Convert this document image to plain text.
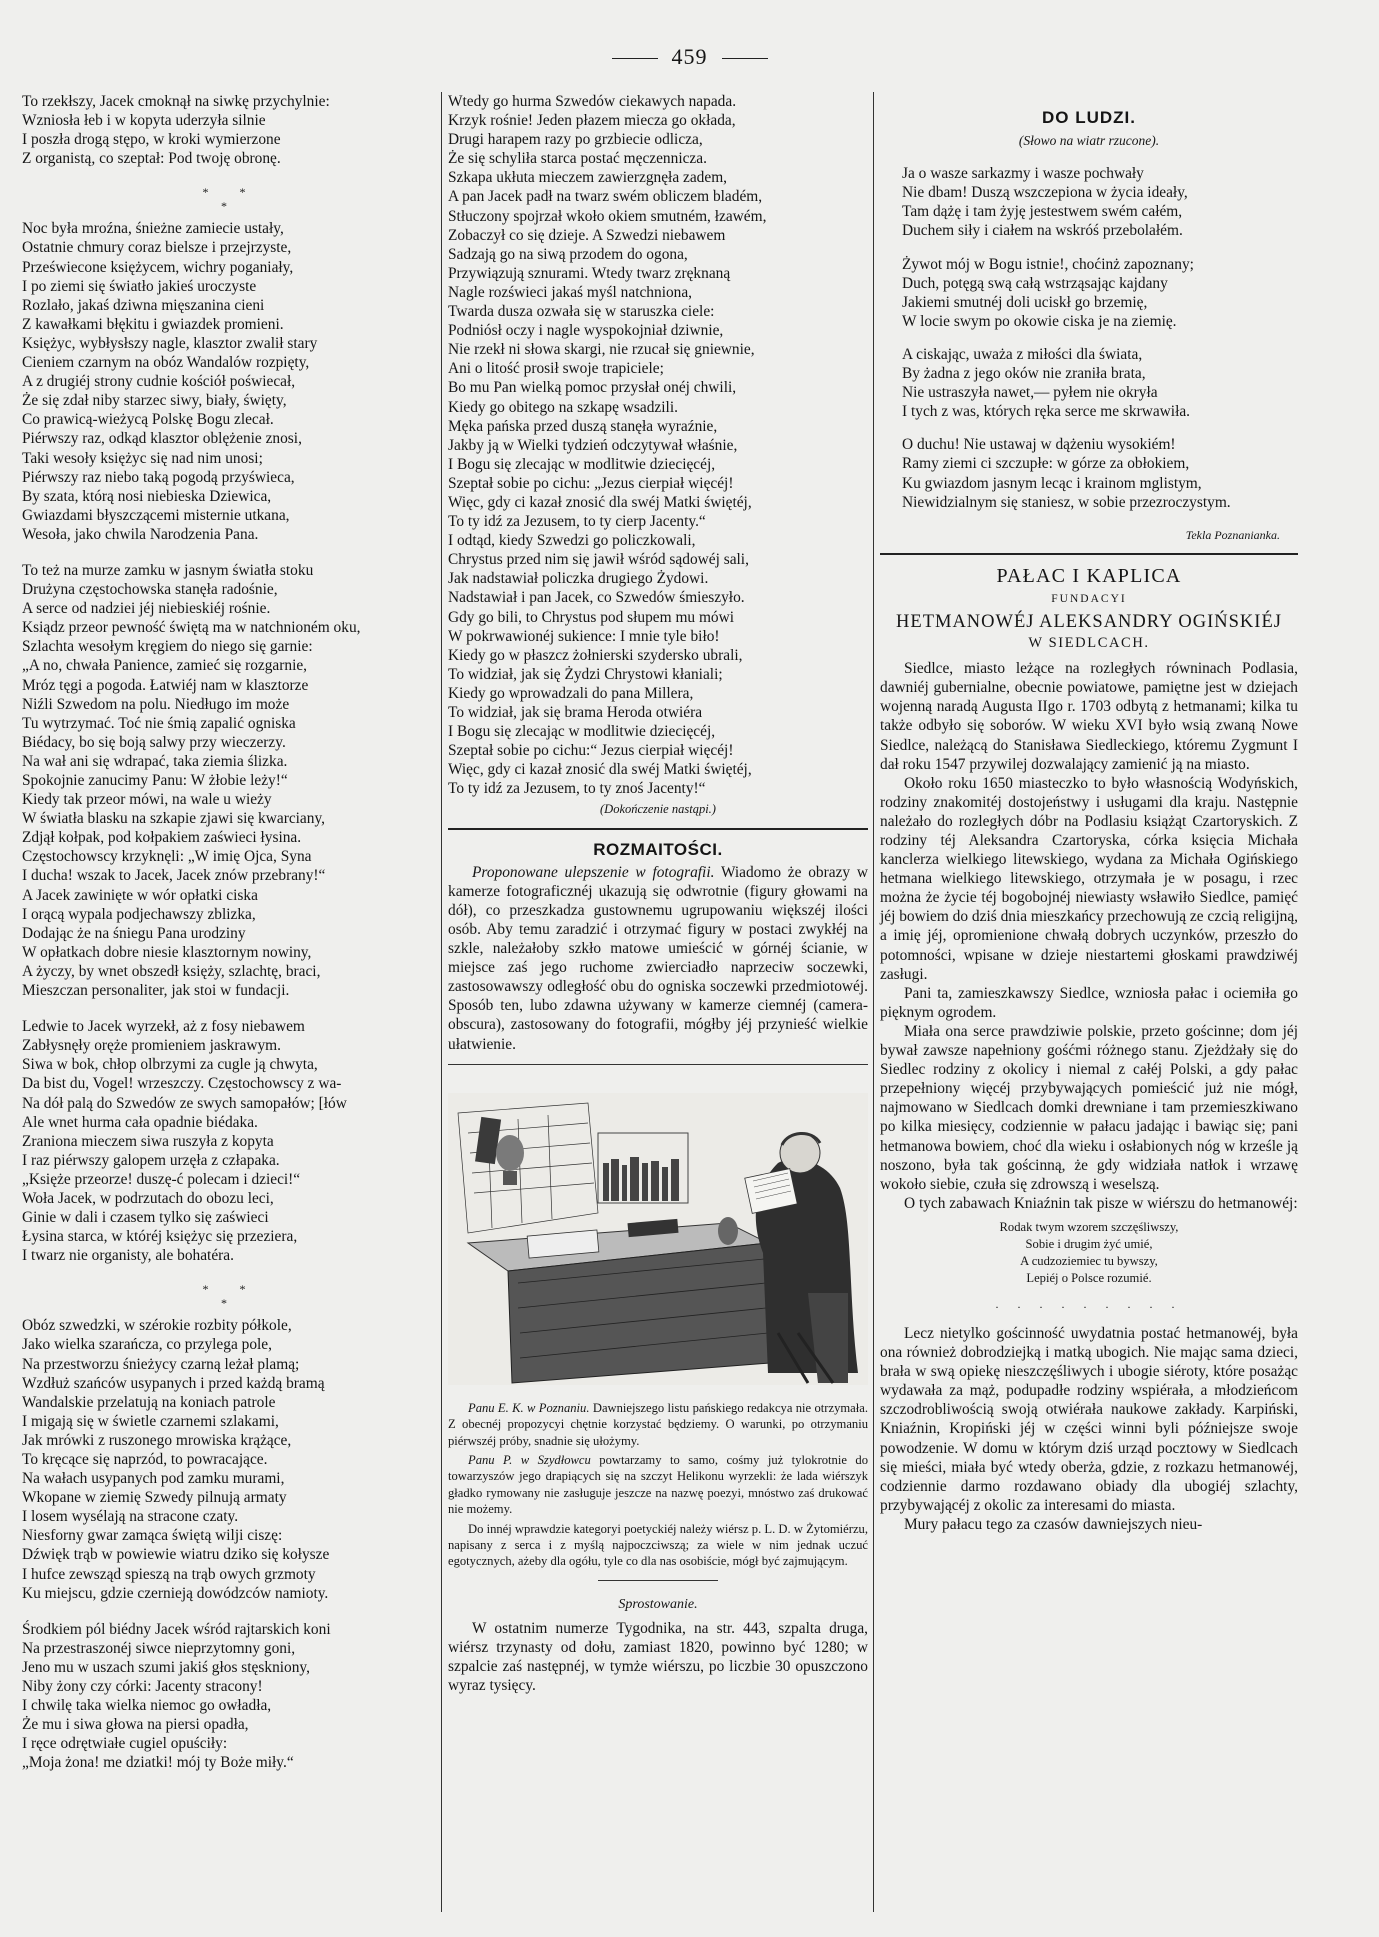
459
To rzekłszy, Jacek cmoknął na siwkę przychylnie:
Wzniosła łeb i w kopyta uderzyła silnie
I poszła drogą stępo, w kroki wymierzone
Z organistą, co szeptał: Pod twoję obronę.
* *
*
Noc była mroźna, śnieżne zamiecie ustały,
Ostatnie chmury coraz bielsze i przejrzyste,
Przeświecone księżycem, wichry poganiały,
I po ziemi się światło jakieś uroczyste
Rozlało, jakaś dziwna mięszanina cieni
Z kawałkami błękitu i gwiazdek promieni.
Księżyc, wybłysłszy nagle, klasztor zwalił stary
Cieniem czarnym na obóz Wandalów rozpięty,
A z drugiéj strony cudnie kościół poświecał,
Że się zdał niby starzec siwy, biały, święty,
Co prawicą-wieżycą Polskę Bogu zlecał.
Piérwszy raz, odkąd klasztor oblężenie znosi,
Taki wesoły księżyc się nad nim unosi;
Piérwszy raz niebo taką pogodą przyświeca,
By szata, którą nosi niebieska Dziewica,
Gwiazdami błyszczącemi misternie utkana,
Wesoła, jako chwila Narodzenia Pana.
To też na murze zamku w jasnym światła stoku
Drużyna częstochowska stanęła radośnie,
A serce od nadziei jéj niebieskiéj rośnie.
Ksiądz przeor pewność świętą ma w natchnioném oku,
Szlachta wesołym kręgiem do niego się garnie:
„A no, chwała Panience, zamieć się rozgarnie,
Mróz tęgi a pogoda. Łatwiéj nam w klasztorze
Niźli Szwedom na polu. Niedługo im może
Tu wytrzymać. Toć nie śmią zapalić ogniska
Biédacy, bo się boją salwy przy wieczerzy.
Na wał ani się wdrapać, taka ziemia ślizka.
Spokojnie zanucimy Panu: W żłobie leży!“
Kiedy tak przeor mówi, na wale u wieży
W światła blasku na szkapie zjawi się kwarciany,
Zdjął kołpak, pod kołpakiem zaświeci łysina.
Częstochowscy krzyknęli: „W imię Ojca, Syna
I ducha! wszak to Jacek, Jacek znów przebrany!“
A Jacek zawinięte w wór opłatki ciska
I orącą wypala podjechawszy zblizka,
Dodając że na śniegu Pana urodziny
W opłatkach dobre niesie klasztornym nowiny,
A życzy, by wnet obszedł księży, szlachtę, braci,
Mieszczan personaliter, jak stoi w fundacji.
Ledwie to Jacek wyrzekł, aż z fosy niebawem
Zabłysnęły oręże promieniem jaskrawym.
Siwa w bok, chłop olbrzymi za cugle ją chwyta,
Da bist du, Vogel! wrzeszczy. Częstochowscy z wa-
Na dół palą do Szwedów ze swych samopałów; [łów
Ale wnet hurma cała opadnie biédaka.
Zraniona mieczem siwa ruszyła z kopyta
I raz piérwszy galopem urzęła z człapaka.
„Księże przeorze! duszę-ć polecam i dzieci!“
Woła Jacek, w podrzutach do obozu leci,
Ginie w dali i czasem tylko się zaświeci
Łysina starca, w któréj księżyc się przeziera,
I twarz nie organisty, ale bohatéra.
* *
*
Obóz szwedzki, w szérokie rozbity półkole,
Jako wielka szarańcza, co przylega pole,
Na przestworzu śnieżycy czarną leżał plamą;
Wzdłuż szańców usypanych i przed każdą bramą
Wandalskie przelatują na koniach patrole
I migają się w świetle czarnemi szlakami,
Jak mrówki z ruszonego mrowiska krążące,
To kręcące się naprzód, to powracające.
Na wałach usypanych pod zamku murami,
Wkopane w ziemię Szwedy pilnują armaty
I losem wysélają na stracone czaty.
Niesforny gwar zamąca świętą wilji ciszę:
Dźwięk trąb w powiewie wiatru dziko się kołysze
I hufce zewsząd spieszą na trąb owych grzmoty
Ku miejscu, gdzie czernieją dowódzców namioty.
Środkiem pól biédny Jacek wśród rajtarskich koni
Na przestraszonéj siwce nieprzytomny goni,
Jeno mu w uszach szumi jakiś głos stęskniony,
Niby żony czy córki: Jacenty stracony!
I chwilę taka wielka niemoc go owładła,
Że mu i siwa głowa na piersi opadła,
I ręce odrętwiałe cugiel opuściły:
„Moja żona! me dziatki! mój ty Boże miły.“
Wtedy go hurma Szwedów ciekawych napada.
Krzyk rośnie! Jeden płazem miecza go okłada,
Drugi harapem razy po grzbiecie odlicza,
Że się schyliła starca postać męczennicza.
Szkapa ukłuta mieczem zawierzgnęła zadem,
A pan Jacek padł na twarz swém obliczem bladém,
Stłuczony spojrzał wkoło okiem smutném, łzawém,
Zobaczył co się dzieje. A Szwedzi niebawem
Sadzają go na siwą przodem do ogona,
Przywiązują sznurami. Wtedy twarz zręknaną
Nagle rozświeci jakaś myśl natchniona,
Twarda dusza ozwała się w staruszka ciele:
Podniósł oczy i nagle wyspokojniał dziwnie,
Nie rzekł ni słowa skargi, nie rzucał się gniewnie,
Ani o litość prosił swoje trapiciele;
Bo mu Pan wielką pomoc przysłał onéj chwili,
Kiedy go obitego na szkapę wsadzili.
Męka pańska przed duszą stanęła wyraźnie,
Jakby ją w Wielki tydzień odczytywał właśnie,
I Bogu się zlecając w modlitwie dziecięcéj,
Szeptał sobie po cichu: „Jezus cierpiał więcéj!
Więc, gdy ci kazał znosić dla swéj Matki świętéj,
To ty idź za Jezusem, to ty cierp Jacenty.“
I odtąd, kiedy Szwedzi go policzkowali,
Chrystus przed nim się jawił wśród sądowéj sali,
Jak nadstawiał policzka drugiego Żydowi.
Nadstawiał i pan Jacek, co Szwedów śmieszyło.
Gdy go bili, to Chrystus pod słupem mu mówi
W pokrwawionéj sukience: I mnie tyle biło!
Kiedy go w płaszcz żołnierski szydersko ubrali,
To widział, jak się Żydzi Chrystowi kłaniali;
Kiedy go wprowadzali do pana Millera,
To widział, jak się brama Heroda otwiéra
I Bogu się zlecając w modlitwie dziecięcéj,
Szeptał sobie po cichu:“ Jezus cierpiał więcéj!
Więc, gdy ci kazał znosić dla swéj Matki świętéj,
To ty idź za Jezusem, to ty znoś Jacenty!“
(Dokończenie nastąpi.)
ROZMAITOŚCI.

Proponowane ulepszenie w fotografii. Wiadomo że obrazy w kamerze fotograficznéj ukazują się odwrotnie (figury głowami na dół), co przeszkadza gustownemu ugrupowaniu większéj ilości osób. Aby temu zaradzić i otrzymać figury w postaci zwykłéj na szkle, należałoby szkło matowe umieścić w górnéj ścianie, w miejsce zaś jego ruchome zwierciadło naprzeciw soczewki, zastosowawszy odległość obu do ogniska soczewki przedmiotowéj. Sposób ten, lubo zdawna używany w kamerze ciemnéj (camera-obscura), zastosowany do fotografii, mógłby jéj przynieść wielkie ułatwienie.

Panu E. K. w Poznaniu. Dawniejszego listu pańskiego redakcya nie otrzymała. Z obecnéj propozycyi chętnie korzystać będziemy. O warunki, po otrzymaniu piérwszéj próby, snadnie się ułożymy.

Panu P. w Szydłowcu powtarzamy to samo, cośmy już tylokrotnie do towarzyszów jego drapiących się na szczyt Helikonu wyrzekli: że lada wiérszyk gładko rymowany nie zasługuje jeszcze na nazwę poezyi, mnóstwo zaś drukować nie możemy.

Do innéj wprawdzie kategoryi poetyckiéj należy wiérsz p. L. D. w Żytomiérzu, napisany z serca i z myślą najpoczciwszą; za wiele w nim jednak uczuć egotycznych, ażeby dla ogółu, tyle co dla nas osobiście, mógł być zajmującym.

Sprostowanie.

W ostatnim numerze Tygodnika, na str. 443, szpalta druga, wiérsz trzynasty od dołu, zamiast 1820, powinno być 1280; w szpalcie zaś następnéj, w tymże wiérszu, po liczbie 30 opuszczono wyraz tysięcy.

DO LUDZI.
(Słowo na wiatr rzucone).
Ja o wasze sarkazmy i wasze pochwały
Nie dbam! Duszą wszczepiona w życia ideały,
Tam dążę i tam żyję jestestwem swém całém,
Duchem siły i ciałem na wskróś przebolałém.
Żywot mój w Bogu istnie!, choćinż zapoznany;
Duch, potęgą swą całą wstrząsając kajdany
Jakiemi smutnéj doli uciskł go brzemię,
W locie swym po okowie ciska je na ziemię.
A ciskając, uważa z miłości dla świata,
By żadna z jego oków nie zraniła brata,
Nie ustraszyła nawet,— pyłem nie okryła
I tych z was, których ręka serce me skrwawiła.
O duchu! Nie ustawaj w dążeniu wysokiém!
Ramy ziemi ci szczupłe: w górze za obłokiem,
Ku gwiazdom jasnym lecąc i krainom mglistym,
Niewidzialnym się staniesz, w sobie przezroczystym.
Tekla Poznanianka.
PAŁAC I KAPLICA
FUNDACYI
HETMANOWÉJ ALEKSANDRY OGIŃSKIÉJ
W SIEDLCACH.

Siedlce, miasto leżące na rozległych równinach Podlasia, dawniéj gubernialne, obecnie powiatowe, pamiętne jest w dziejach wojenną naradą Augusta IIgo r. 1703 odbytą z hetmanami; kilka tu także odbyło się soborów. W wieku XVI było wsią zwaną Nowe Siedlce, należącą do Stanisława Siedleckiego, któremu Zygmunt I dał roku 1547 przywilej dozwalający zamienić ją na miasto.

Około roku 1650 miasteczko to było własnością Wodyńskich, rodziny znakomitéj dostojeństwy i usługami dla kraju. Następnie należało do rozległych dóbr na Podlasiu książąt Czartoryskich. Z rodziny téj Aleksandra Czartoryska, córka księcia Michała kanclerza wielkiego litewskiego, wydana za Michała Ogińskiego hetmana wielkiego litewskiego, otrzymała je w posagu, i rzec można że życie téj bogobojnéj niewiasty wsławiło Siedlce, pamięć jéj bowiem do dziś dnia mieszkańcy przechowują ze czcią religijną, a imię jéj, opromienione chwałą dobrych uczynków, przeszło do potomności, wpisane w dzieje niestartemi głoskami prawdziwéj zasługi.

Pani ta, zamieszkawszy Siedlce, wzniosła pałac i ociemiła go pięknym ogrodem.

Miała ona serce prawdziwie polskie, przeto gościnne; dom jéj bywał zawsze napełniony gośćmi różnego stanu. Zjeżdżały się do Siedlec rodziny z okolicy i niemal z całéj Polski, a gdy pałac przepełniony więcéj przybywających pomieścić już nie mógł, najmowano w Siedlcach domki drewniane i tam przemieszkiwano po kilka miesięcy, codziennie w pałacu jadając i bawiąc się; pani hetmanowa bowiem, choć dla wieku i osłabionych nóg w krześle ją noszono, była tak gościnną, że gdy widziała natłok i wrzawę wokoło siebie, czuła się zdrowszą i weselszą.

O tych zabawach Kniaźnin tak pisze w wiérszu do hetmanowéj:

Rodak twym wzorem szczęśliwszy,
Sobie i drugim żyć umié,
A cudzoziemiec tu bywszy,
Lepiéj o Polsce rozumié.
. . . . . . . . .

Lecz nietylko gościnność uwydatnia postać hetmanowéj, była ona również dobrodziejką i matką ubogich. Nie mając sama dzieci, brała w swą opiekę nieszczęśliwych i ubogie siéroty, które posażąc wydawała za mąż, podupadłe rodziny wspiérała, a młodzieńcom szczodrobliwością swoją otwiérała naukowe zakłady. Karpiński, Kniaźnin, Kropiński jéj w części winni byli późniejsze swoje powodzenie. W domu w którym dziś urząd pocztowy w Siedlcach się mieści, miała być wtedy oberża, gdzie, z rozkazu hetmanowéj, codziennie darmo rozdawano obiady dla ubogiéj szlachty, przybywającéj z okolic za interesami do miasta.

Mury pałacu tego za czasów dawniejszych nieu-
